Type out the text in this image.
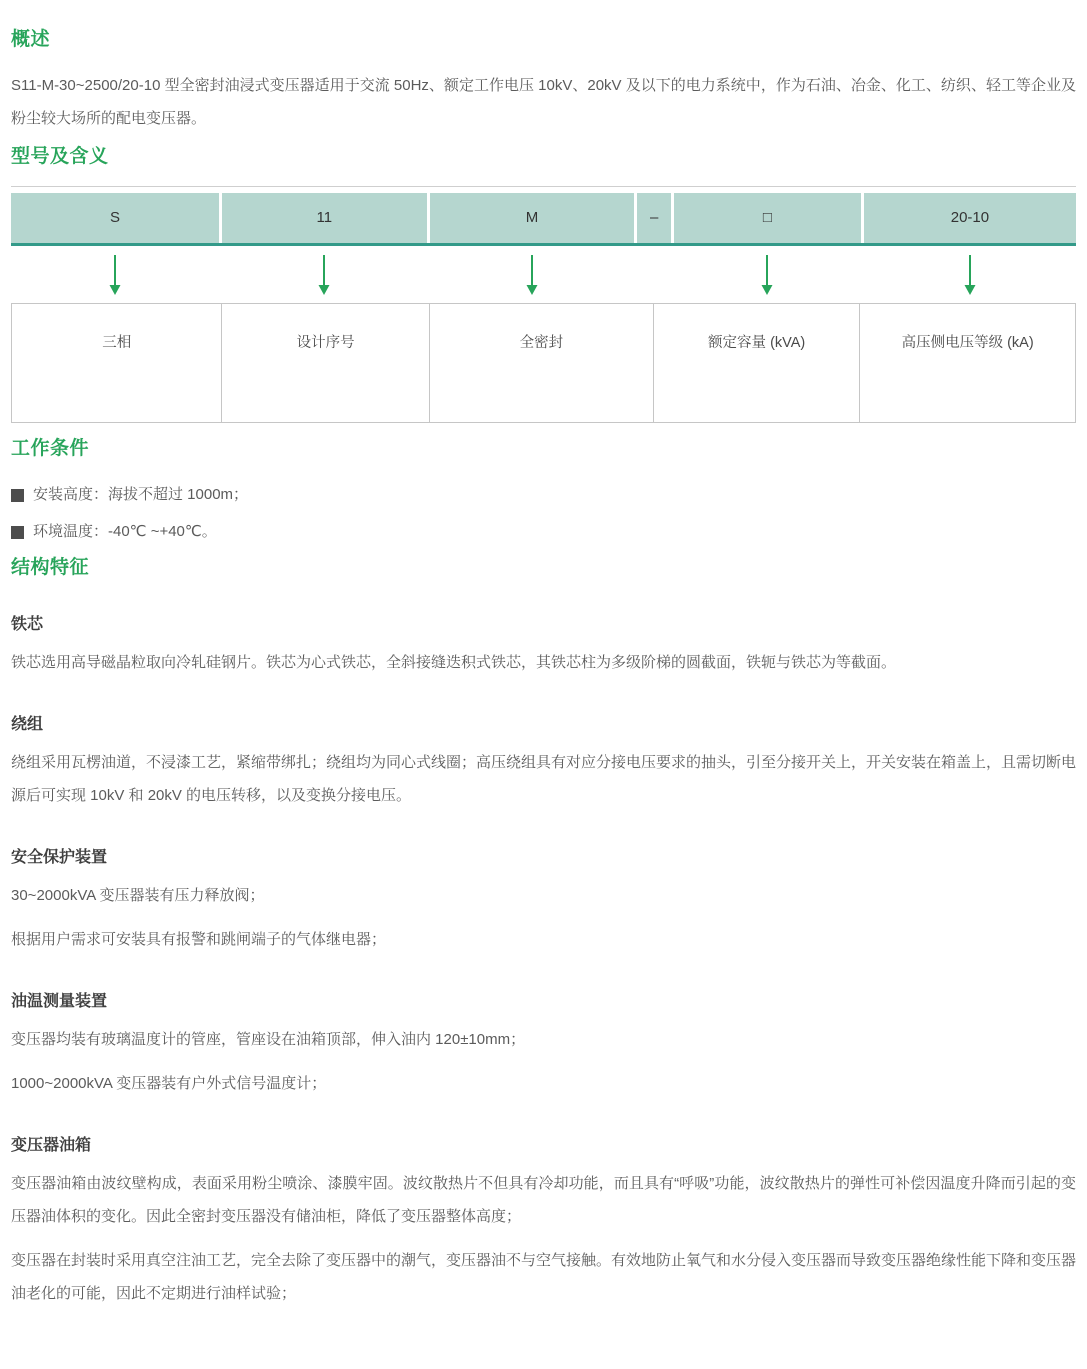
概述

S11-M-30~2500/20-10 型全密封油浸式变压器适用于交流 50Hz、额定工作电压 10kV、20kV 及以下的电力系统中，作为石油、冶金、化工、纺织、轻工等企业及粉尘较大场所的配电变压器。

型号及含义
S	11	M	–	□	20-10
三相	设计序号	全密封	额定容量 (kVA)	高压侧电压等级 (kA)
工作条件
安装高度：海拔不超过 1000m；
环境温度：-40℃ ~+40℃。
结构特征
铁芯

铁芯选用高导磁晶粒取向冷轧硅钢片。铁芯为心式铁芯，全斜接缝迭积式铁芯，其铁芯柱为多级阶梯的圆截面，铁轭与铁芯为等截面。

绕组

绕组采用瓦楞油道，不浸漆工艺，紧缩带绑扎；绕组均为同心式线圈；高压绕组具有对应分接电压要求的抽头，引至分接开关上，开关安装在箱盖上，且需切断电源后可实现 10kV 和 20kV 的电压转移，以及变换分接电压。

安全保护装置

30~2000kVA 变压器装有压力释放阀；

根据用户需求可安装具有报警和跳闸端子的气体继电器；

油温测量装置

变压器均装有玻璃温度计的管座，管座设在油箱顶部，伸入油内 120±10mm；

1000~2000kVA 变压器装有户外式信号温度计；

变压器油箱

变压器油箱由波纹壁构成，表面采用粉尘喷涂、漆膜牢固。波纹散热片不但具有冷却功能，而且具有“呼吸”功能，波纹散热片的弹性可补偿因温度升降而引起的变压器油体积的变化。因此全密封变压器没有储油柜，降低了变压器整体高度；

变压器在封装时采用真空注油工艺，完全去除了变压器中的潮气，变压器油不与空气接触。有效地防止氧气和水分侵入变压器而导致变压器绝缘性能下降和变压器油老化的可能，因此不定期进行油样试验；
